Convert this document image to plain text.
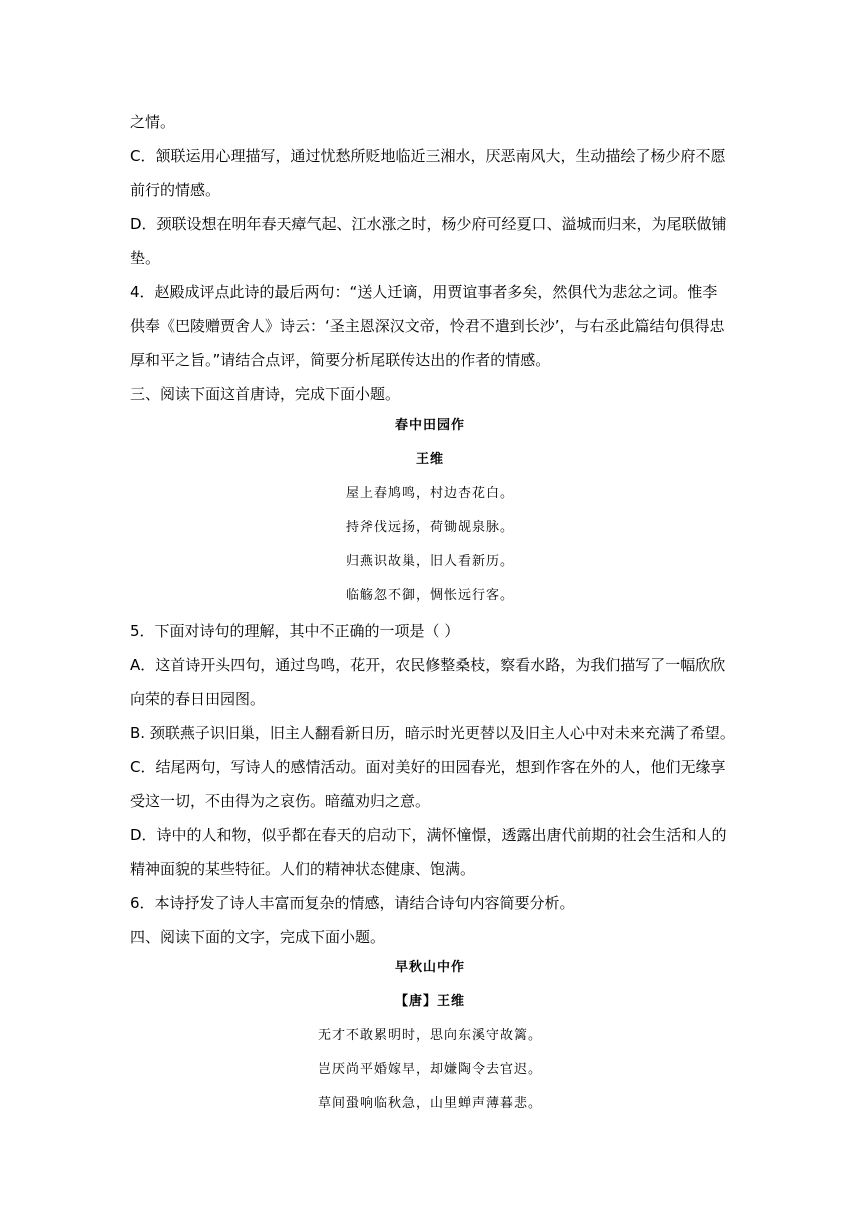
之情。
C．颔联运用心理描写，通过忧愁所贬地临近三湘水，厌恶南风大，生动描绘了杨少府不愿
前行的情感。
D．颈联设想在明年春天瘴气起、江水涨之时，杨少府可经夏口、溢城而归来，为尾联做铺
垫。
4．赵殿成评点此诗的最后两句：“送人迁谪，用贾谊事者多矣，然俱代为悲忿之词。惟李
供奉《巴陵赠贾舍人》诗云：‘圣主恩深汉文帝，怜君不遣到长沙’，与右丞此篇结句俱得忠
厚和平之旨。”请结合点评，简要分析尾联传达出的作者的情感。
三、阅读下面这首唐诗，完成下面小题。
春中田园作
王维
屋上春鸠鸣，村边杏花白。
持斧伐远扬，荷锄觇泉脉。
归燕识故巢，旧人看新历。
临觞忽不御，惆怅远行客。
5．下面对诗句的理解，其中不正确的一项是（ ）
A．这首诗开头四句，通过鸟鸣，花开，农民修整桑枝，察看水路，为我们描写了一幅欣欣
向荣的春日田园图。
B. 颈联燕子识旧巢，旧主人翻看新日历，暗示时光更替以及旧主人心中对未来充满了希望。
C．结尾两句，写诗人的感情活动。面对美好的田园春光，想到作客在外的人，他们无缘享
受这一切，不由得为之哀伤。暗蕴劝归之意。
D．诗中的人和物，似乎都在春天的启动下，满怀憧憬，透露出唐代前期的社会生活和人的
精神面貌的某些特征。人们的精神状态健康、饱满。
6．本诗抒发了诗人丰富而复杂的情感，请结合诗句内容简要分析。
四、阅读下面的文字，完成下面小题。
早秋山中作
【唐】王维
无才不敢累明时，思向东溪守故篱。
岂厌尚平婚嫁早，却嫌陶令去官迟。
草间蛩响临秋急，山里蝉声薄暮悲。
